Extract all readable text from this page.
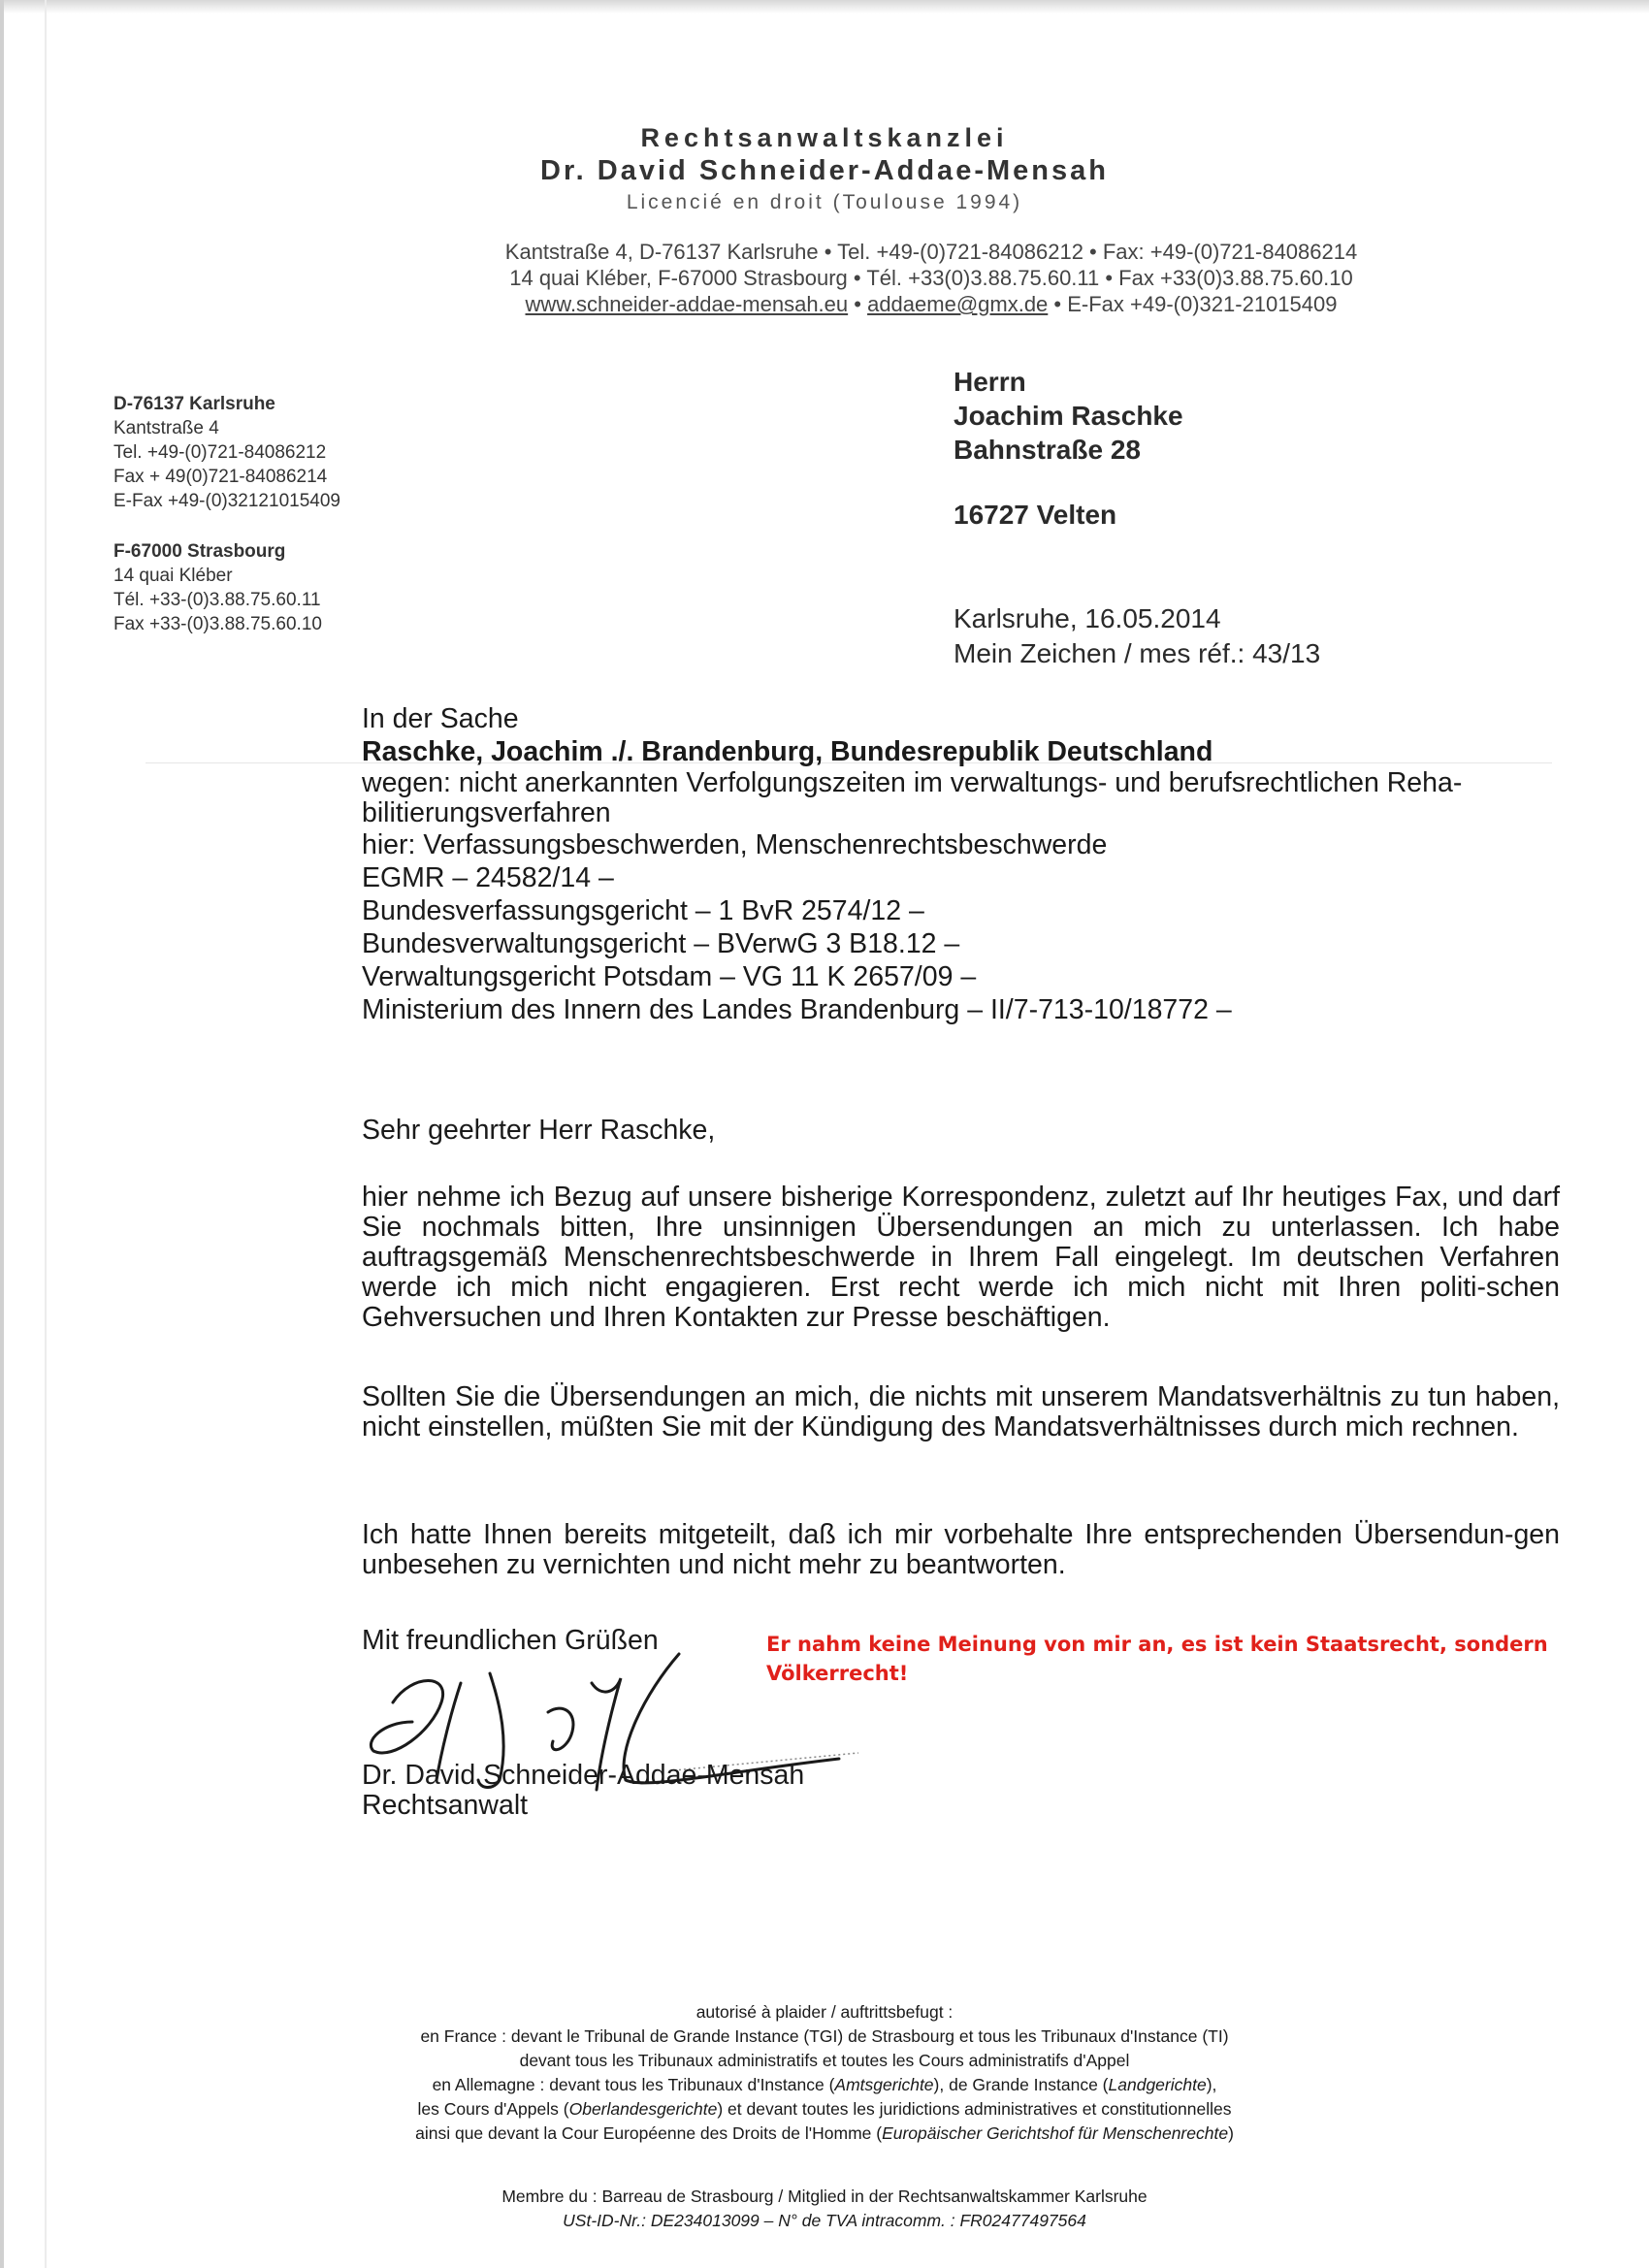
Rechtsanwaltskanzlei
Dr. David Schneider-Addae-Mensah
Licencié en droit (Toulouse 1994)
Kantstraße 4, D-76137 Karlsruhe • Tel. +49-(0)721-84086212 • Fax: +49-(0)721-84086214
14 quai Kléber, F-67000 Strasbourg • Tél. +33(0)3.88.75.60.11 • Fax +33(0)3.88.75.60.10
www.schneider-addae-mensah.eu • addaeme@gmx.de • E-Fax +49-(0)321-21015409
D-76137 Karlsruhe
Kantstraße 4
Tel. +49-(0)721-84086212
Fax + 49(0)721-84086214
E-Fax +49-(0)32121015409
F-67000 Strasbourg
14 quai Kléber
Tél. +33-(0)3.88.75.60.11
Fax +33-(0)3.88.75.60.10
Herrn
Joachim Raschke
Bahnstraße 28
16727 Velten
Karlsruhe, 16.05.2014
Mein Zeichen / mes réf.: 43/13
In der Sache
Raschke, Joachim ./. Brandenburg, Bundesrepublik Deutschland
wegen: nicht anerkannten Verfolgungszeiten im verwaltungs- und berufsrechtlichen Reha-bilitierungsverfahren
hier: Verfassungsbeschwerden, Menschenrechtsbeschwerde
EGMR – 24582/14 –
Bundesverfassungsgericht – 1 BvR 2574/12 –
Bundesverwaltungsgericht – BVerwG 3 B18.12 –
Verwaltungsgericht Potsdam – VG 11 K 2657/09 –
Ministerium des Innern des Landes Brandenburg – II/7-713-10/18772 –
Sehr geehrter Herr Raschke,
hier nehme ich Bezug auf unsere bisherige Korrespondenz, zuletzt auf Ihr heutiges Fax, und darf Sie nochmals bitten, Ihre unsinnigen Übersendungen an mich zu unterlassen. Ich habe auftragsgemäß Menschenrechtsbeschwerde in Ihrem Fall eingelegt. Im deutschen Verfahren werde ich mich nicht engagieren. Erst recht werde ich mich nicht mit Ihren politi-schen Gehversuchen und Ihren Kontakten zur Presse beschäftigen.
Sollten Sie die Übersendungen an mich, die nichts mit unserem Mandatsverhältnis zu tun haben, nicht einstellen, müßten Sie mit der Kündigung des Mandatsverhältnisses durch mich rechnen.
Ich hatte Ihnen bereits mitgeteilt, daß ich mir vorbehalte Ihre entsprechenden Übersendun-gen unbesehen zu vernichten und nicht mehr zu beantworten.
Mit freundlichen Grüßen	Er nahm keine Meinung von mir an, es ist kein Staatsrecht, sondern
Völkerrecht!
Dr. David Schneider-Addae-Mensah
Rechtsanwalt
autorisé à plaider / auftrittsbefugt :
en France : devant le Tribunal de Grande Instance (TGI) de Strasbourg et tous les Tribunaux d'Instance (TI)
devant tous les Tribunaux administratifs et toutes les Cours administratifs d'Appel
en Allemagne : devant tous les Tribunaux d'Instance (Amtsgerichte), de Grande Instance (Landgerichte),
les Cours d'Appels (Oberlandesgerichte) et devant toutes les juridictions administratives et constitutionnelles
ainsi que devant la Cour Européenne des Droits de l'Homme (Europäischer Gerichtshof für Menschenrechte)
Membre du : Barreau de Strasbourg / Mitglied in der Rechtsanwaltskammer Karlsruhe
USt-ID-Nr.: DE234013099 – N° de TVA intracomm. : FR02477497564
